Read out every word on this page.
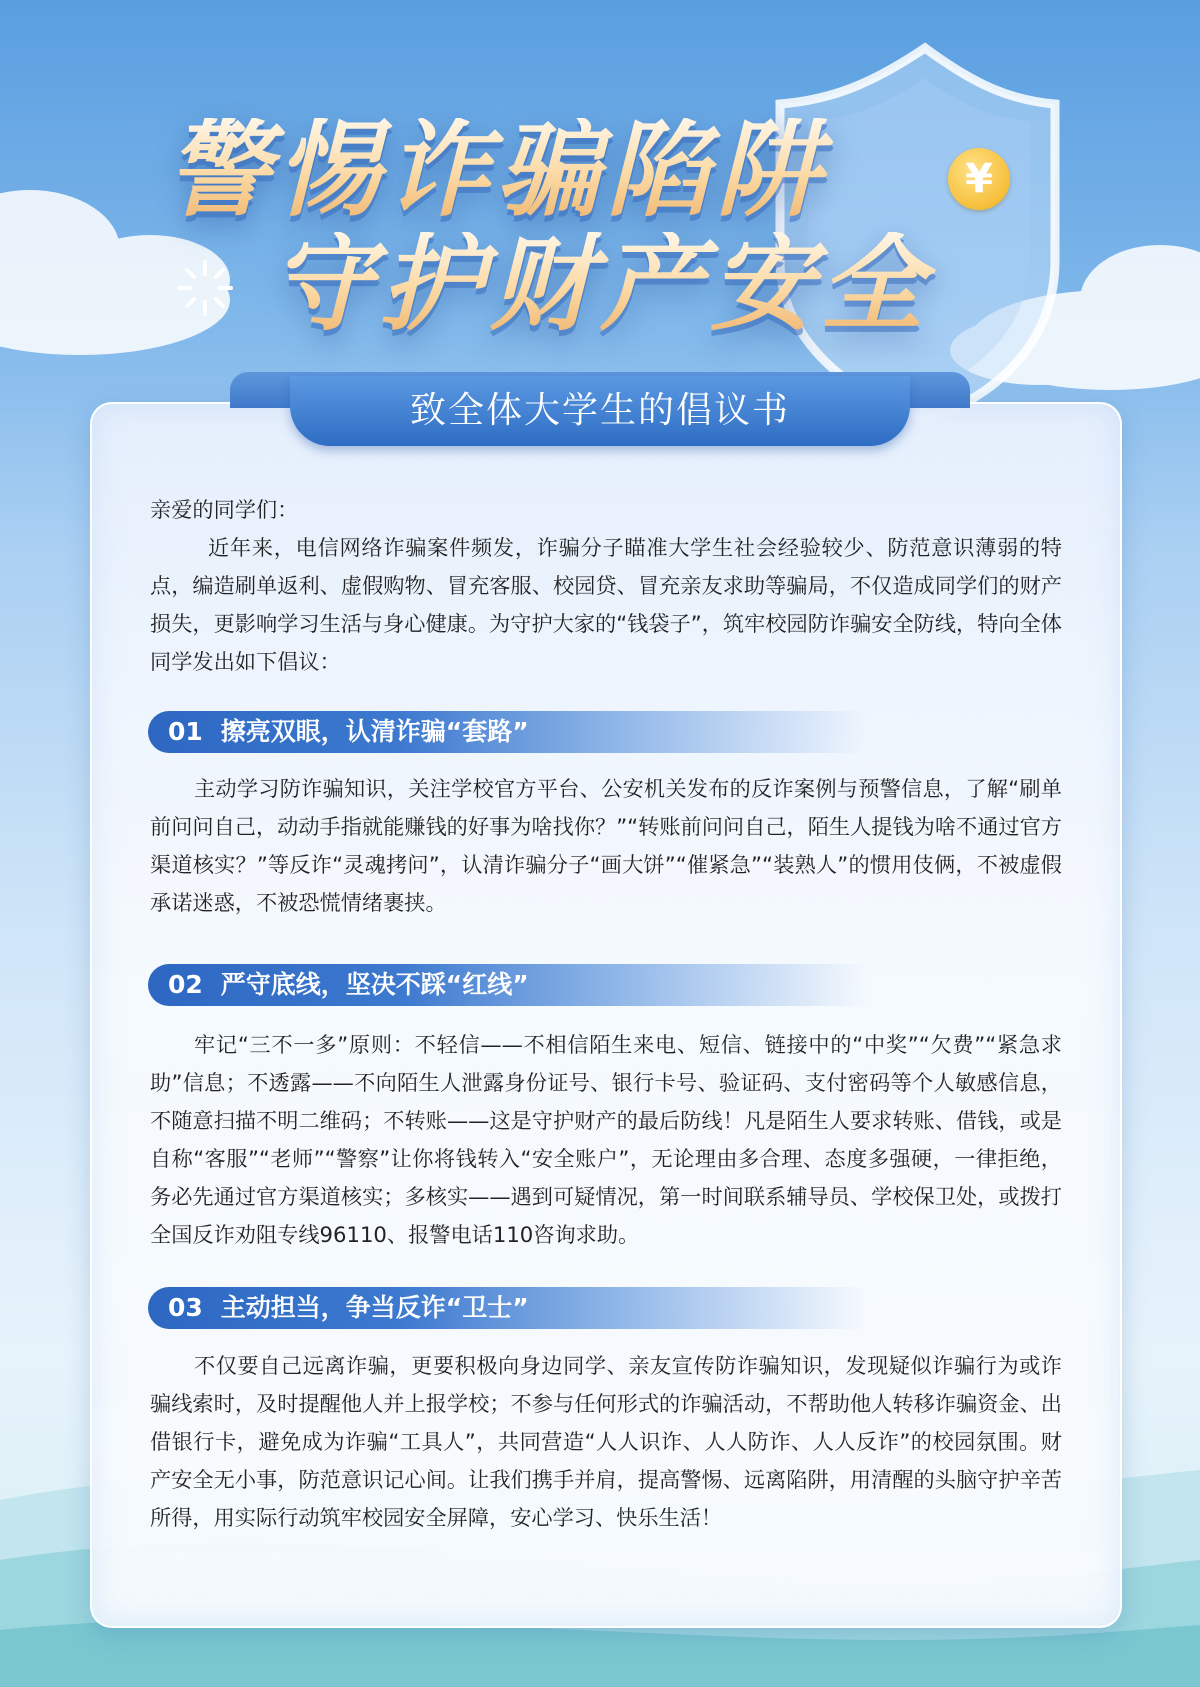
警惕诈骗陷阱
守护财产安全
¥
致全体大学生的倡议书

亲爱的同学们：

近年来，电信网络诈骗案件频发，诈骗分子瞄准大学生社会经验较少、防范意识薄弱的特点，编造刷单返利、虚假购物、冒充客服、校园贷、冒充亲友求助等骗局，不仅造成同学们的财产损失，更影响学习生活与身心健康。为守护大家的“钱袋子”，筑牢校园防诈骗安全防线，特向全体同学发出如下倡议：

01 擦亮双眼，认清诈骗“套路”

主动学习防诈骗知识，关注学校官方平台、公安机关发布的反诈案例与预警信息，了解“刷单前问问自己，动动手指就能赚钱的好事为啥找你？”“转账前问问自己，陌生人提钱为啥不通过官方渠道核实？”等反诈“灵魂拷问”，认清诈骗分子“画大饼”“催紧急”“装熟人”的惯用伎俩，不被虚假承诺迷惑，不被恐慌情绪裹挟。

02 严守底线，坚决不踩“红线”

牢记“三不一多”原则：不轻信——不相信陌生来电、短信、链接中的“中奖”“欠费”“紧急求助”信息；不透露——不向陌生人泄露身份证号、银行卡号、验证码、支付密码等个人敏感信息，不随意扫描不明二维码；不转账——这是守护财产的最后防线！凡是陌生人要求转账、借钱，或是自称“客服”“老师”“警察”让你将钱转入“安全账户”，无论理由多合理、态度多强硬，一律拒绝，务必先通过官方渠道核实；多核实——遇到可疑情况，第一时间联系辅导员、学校保卫处，或拨打全国反诈劝阻专线96110、报警电话110咨询求助。

03 主动担当，争当反诈“卫士”

不仅要自己远离诈骗，更要积极向身边同学、亲友宣传防诈骗知识，发现疑似诈骗行为或诈骗线索时，及时提醒他人并上报学校；不参与任何形式的诈骗活动，不帮助他人转移诈骗资金、出借银行卡，避免成为诈骗“工具人”，共同营造“人人识诈、人人防诈、人人反诈”的校园氛围。财产安全无小事，防范意识记心间。让我们携手并肩，提高警惕、远离陷阱，用清醒的头脑守护辛苦所得，用实际行动筑牢校园安全屏障，安心学习、快乐生活！
